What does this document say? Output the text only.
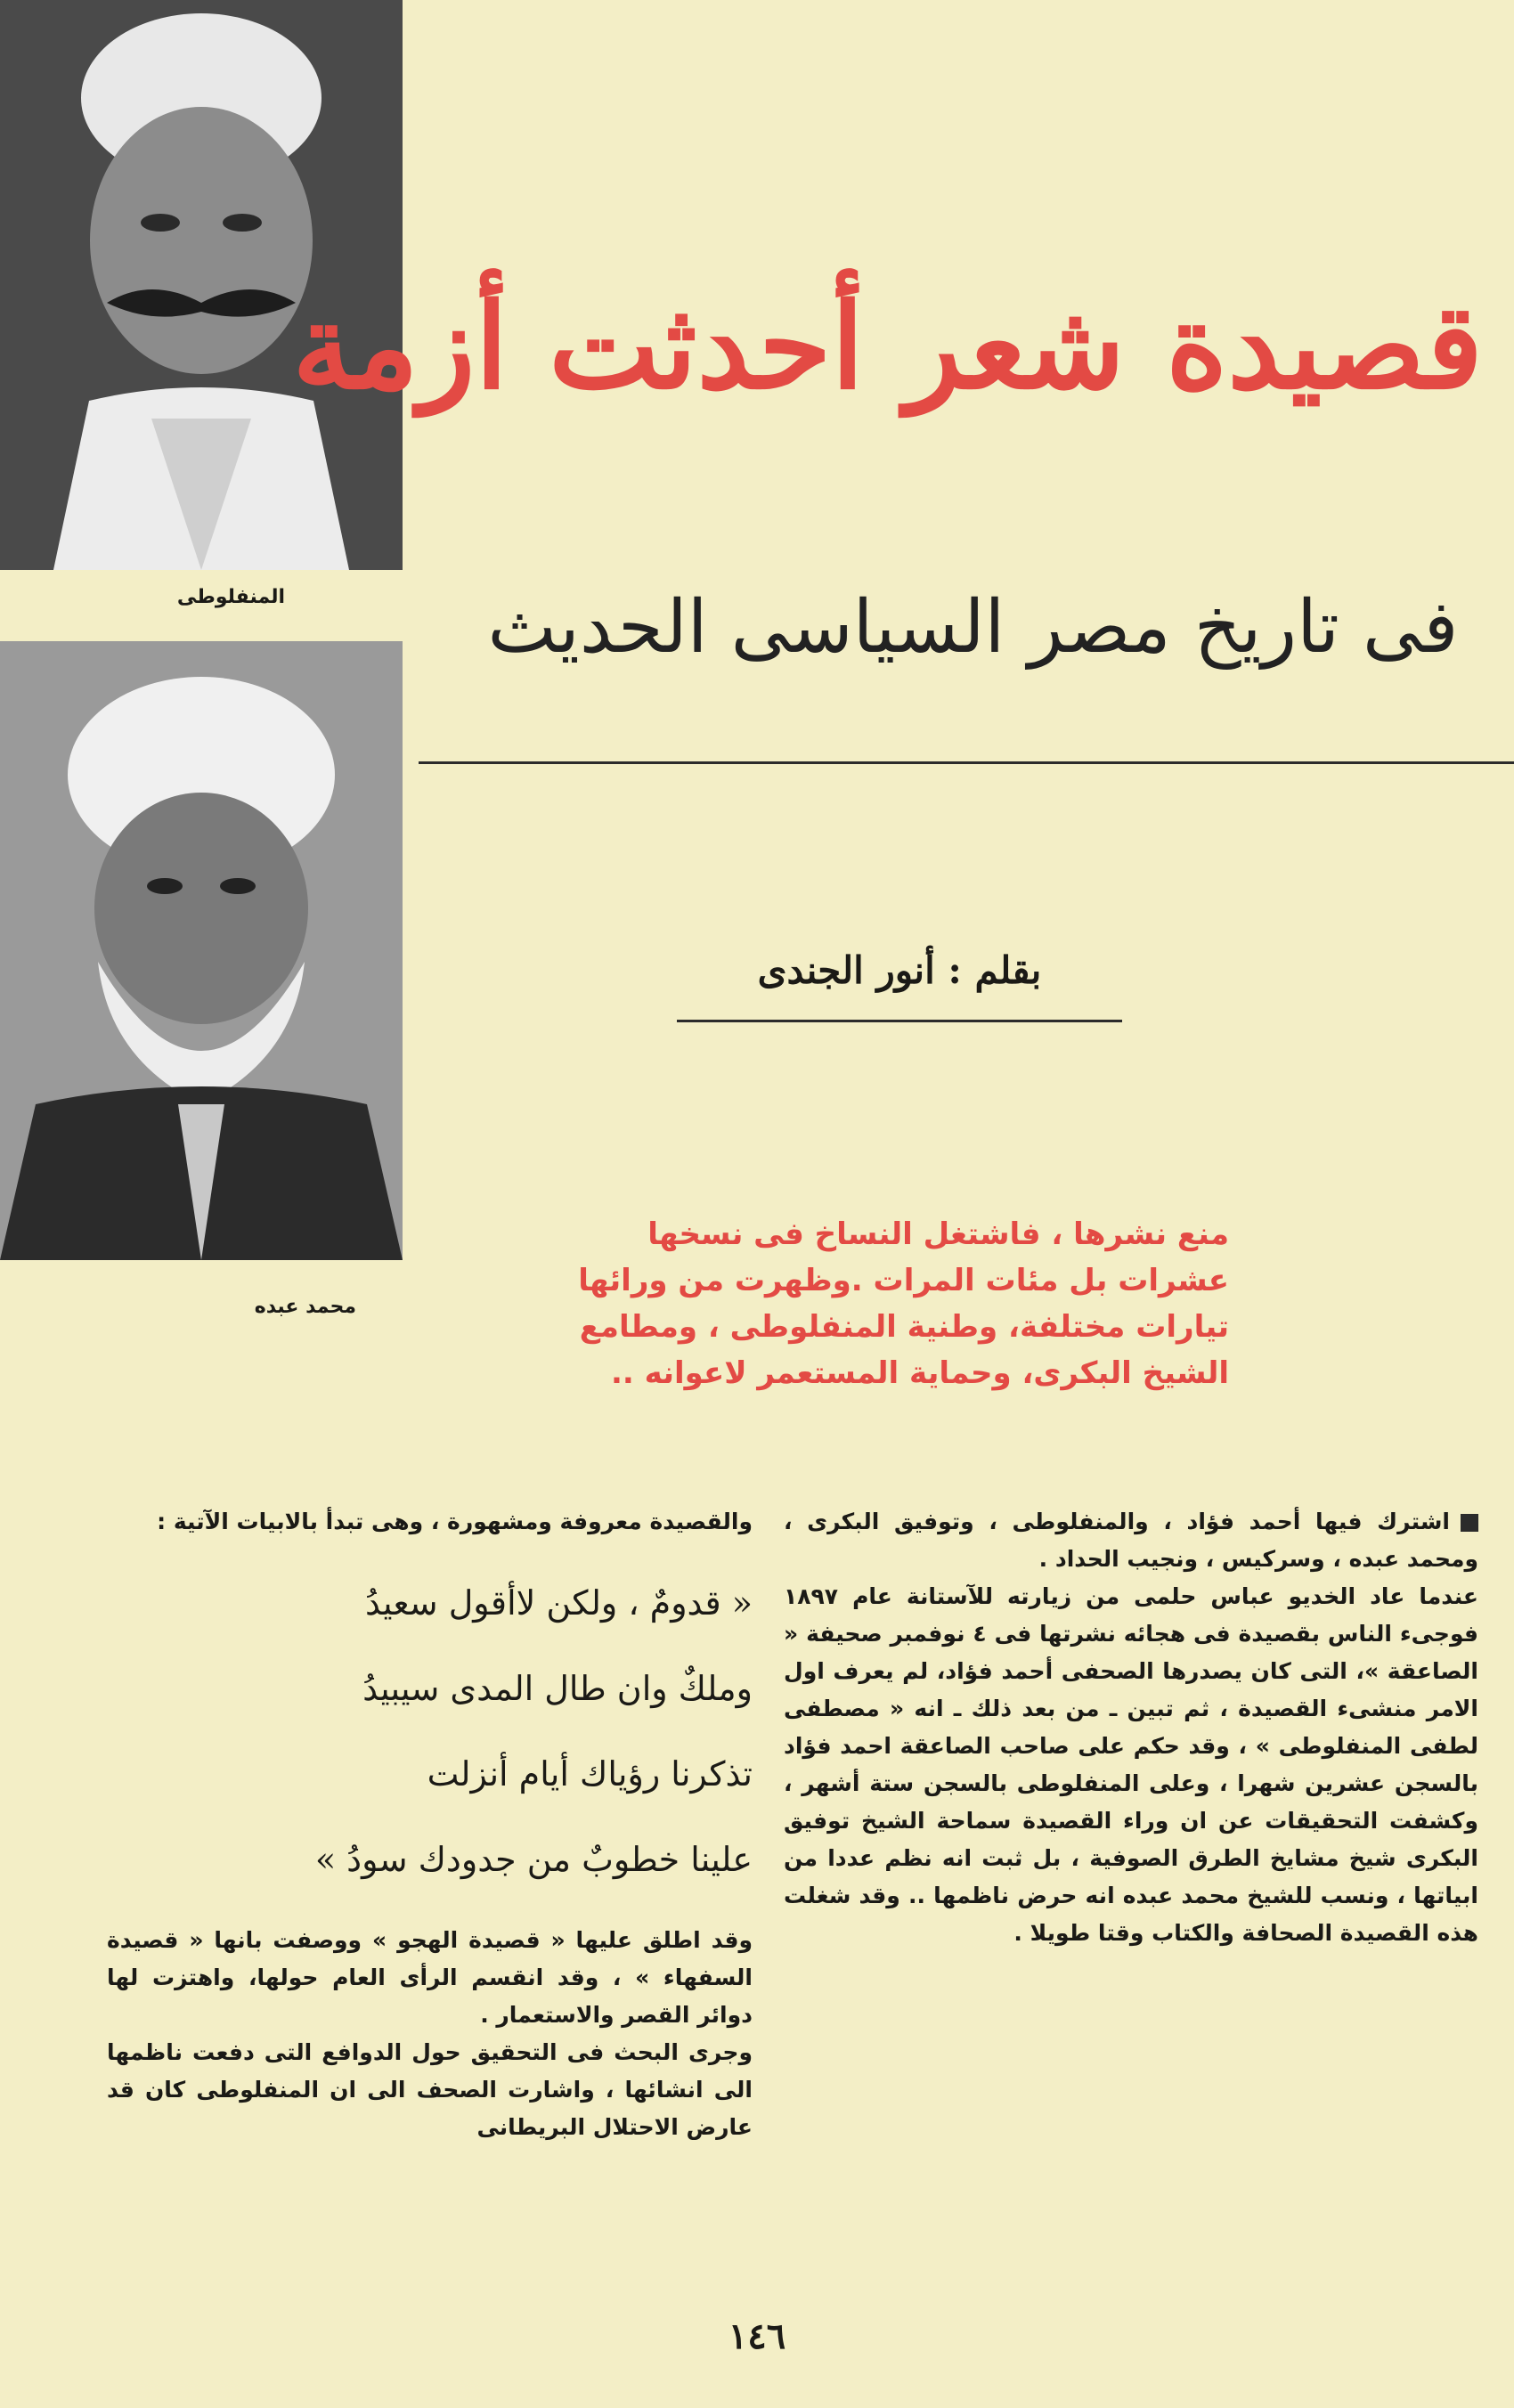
المنفلوطى
محمد عبده
قصيدة شعر أحدثت أزمة
فى تاريخ مصر السياسى الحديث
بقلم : أنور الجندى

منع نشرها ، فاشتغل النساخ فى نسخها

عشرات بل مئات المرات .وظهرت من ورائها

تيارات مختلفة، وطنية المنفلوطى ، ومطامع

الشيخ البكرى، وحماية المستعمر لاعوانه ..

اشترك فيها أحمد فؤاد ، والمنفلوطى ، وتوفيق البكرى ، ومحمد عبده ، وسركيس ، ونجيب الحداد .

عندما عاد الخديو عباس حلمى من زيارته للآستانة عام ١٨٩٧ فوجىء الناس بقصيدة فى هجائه نشرتها فى ٤ نوفمبر صحيفة « الصاعقة »، التى كان يصدرها الصحفى أحمد فؤاد، لم يعرف اول الامر منشىء القصيدة ، ثم تبين ـ من بعد ذلك ـ انه « مصطفى لطفى المنفلوطى » ، وقد حكم على صاحب الصاعقة احمد فؤاد بالسجن عشرين شهرا ، وعلى المنفلوطى بالسجن ستة أشهر ، وكشفت التحقيقات عن ان وراء القصيدة سماحة الشيخ توفيق البكرى شيخ مشايخ الطرق الصوفية ، بل ثبت انه نظم عددا من ابياتها ، ونسب للشيخ محمد عبده انه حرض ناظمها .. وقد شغلت هذه القصيدة الصحافة والكتاب وقتا طويلا .

والقصيدة معروفة ومشهورة ، وهى تبدأ بالابيات الآتية :

« قدومٌ ، ولكن لاأقول سعيدُ
وملكٌ وان طال المدى سيبيدُ
تذكرنا رؤياك أيام أنزلت
علينا خطوبٌ من جدودك سودُ »

وقد اطلق عليها « قصيدة الهجو » ووصفت بانها « قصيدة السفهاء » ، وقد انقسم الرأى العام حولها، واهتزت لها دوائر القصر والاستعمار .

وجرى البحث فى التحقيق حول الدوافع التى دفعت ناظمها الى انشائها ، واشارت الصحف الى ان المنفلوطى كان قد عارض الاحتلال البريطانى

١٤٦
